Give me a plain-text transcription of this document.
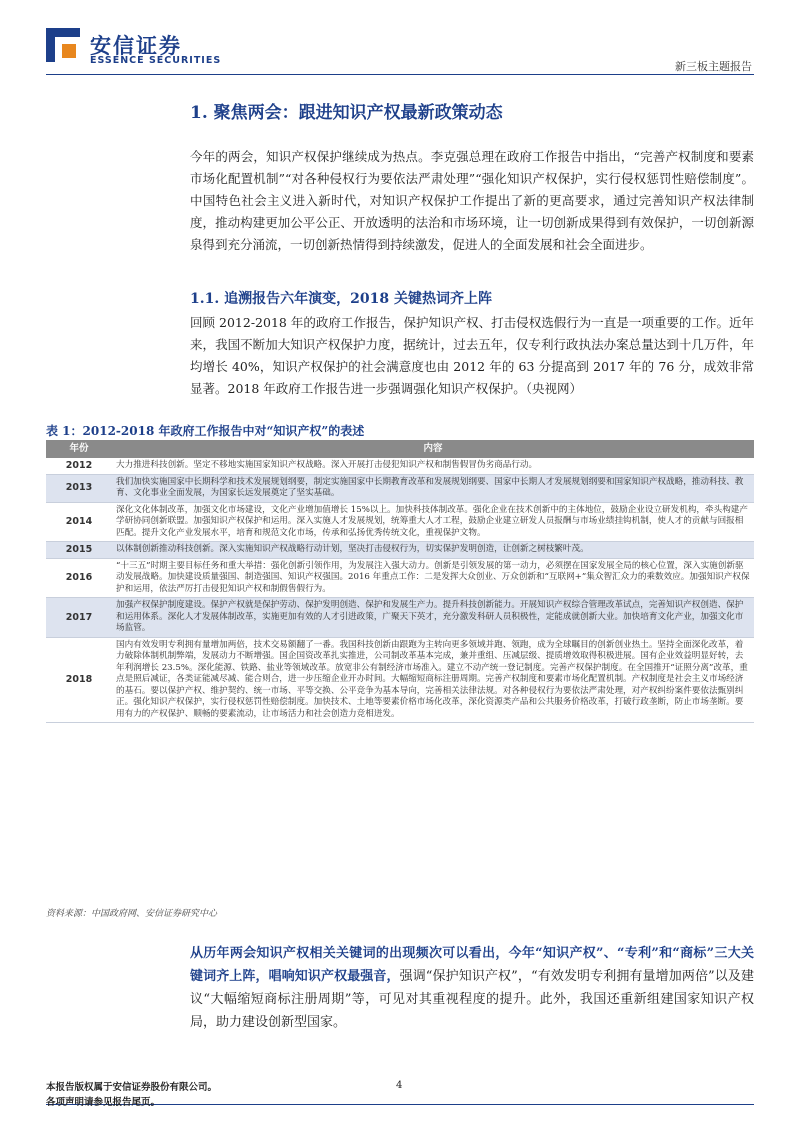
安信证券
ESSENCE SECURITIES	新三板主题报告
1. 聚焦两会：跟进知识产权最新政策动态
今年的两会，知识产权保护继续成为热点。李克强总理在政府工作报告中指出，“完善产权制度和要素市场化配置机制”“对各种侵权行为要依法严肃处理”“强化知识产权保护，实行侵权惩罚性赔偿制度”。中国特色社会主义进入新时代，对知识产权保护工作提出了新的更高要求，通过完善知识产权法律制度，推动构建更加公平公正、开放透明的法治和市场环境，让一切创新成果得到有效保护，一切创新源泉得到充分涌流，一切创新热情得到持续激发，促进人的全面发展和社会全面进步。
1.1. 追溯报告六年演变，2018 关键热词齐上阵
回顾 2012-2018 年的政府工作报告，保护知识产权、打击侵权选假行为一直是一项重要的工作。近年来，我国不断加大知识产权保护力度，据统计，过去五年，仅专利行政执法办案总量达到十几万件，年均增长 40%，知识产权保护的社会满意度也由 2012 年的 63 分提高到 2017 年的 76 分，成效非常显著。2018 年政府工作报告进一步强调强化知识产权保护。（央视网）
表 1：2012-2018 年政府工作报告中对“知识产权”的表述
年份	内容
2012	大力推进科技创新。坚定不移地实施国家知识产权战略。深入开展打击侵犯知识产权和制售假冒伪劣商品行动。
2013	我们加快实施国家中长期科学和技术发展规划纲要，制定实施国家中长期教育改革和发展规划纲要、国家中长期人才发展规划纲要和国家知识产权战略，推动科技、教育、文化事业全面发展，为国家长远发展奠定了坚实基础。
2014	深化文化体制改革，加强文化市场建设，文化产业增加值增长 15%以上。加快科技体制改革。强化企业在技术创新中的主体地位，鼓励企业设立研发机构，牵头构建产学研协同创新联盟。加强知识产权保护和运用。深入实施人才发展规划，统筹重大人才工程，鼓励企业建立研发人员报酬与市场业绩挂钩机制，使人才的贡献与回报相匹配。提升文化产业发展水平，培育和规范文化市场，传承和弘扬优秀传统文化，重视保护文物。
2015	以体制创新推动科技创新。深入实施知识产权战略行动计划，坚决打击侵权行为，切实保护发明创造，让创新之树枝繁叶茂。
2016	“十三五”时期主要目标任务和重大举措：强化创新引领作用，为发展注入强大动力。创新是引领发展的第一动力，必须摆在国家发展全局的核心位置，深入实施创新驱动发展战略。加快建设质量强国、制造强国、知识产权强国。2016 年重点工作：二是发挥大众创业、万众创新和“互联网+”集众智汇众力的乘数效应。加强知识产权保护和运用，依法严厉打击侵犯知识产权和制假售假行为。
2017	加强产权保护制度建设。保护产权就是保护劳动、保护发明创造、保护和发展生产力。提升科技创新能力。开展知识产权综合管理改革试点，完善知识产权创造、保护和运用体系。深化人才发展体制改革，实施更加有效的人才引进政策，广聚天下英才，充分激发科研人员积极性，定能成就创新大业。加快培育文化产业，加强文化市场监管。
2018	国内有效发明专利拥有量增加两倍，技术交易额翻了一番。我国科技创新由跟跑为主转向更多领域并跑、领跑，成为全球瞩目的创新创业热土。坚持全面深化改革，着力破除体制机制弊端，发展动力不断增强。国企国资改革扎实推进，公司制改革基本完成，兼并重组、压减层级、提质增效取得积极进展。国有企业效益明显好转，去年利润增长 23.5%。深化能源、铁路、盐业等领域改革。放宽非公有制经济市场准入。建立不动产统一登记制度。完善产权保护制度。在全国推开“证照分离”改革，重点是照后减证，各类证能减尽减、能合则合，进一步压缩企业开办时间。大幅缩短商标注册周期。完善产权制度和要素市场化配置机制。产权制度是社会主义市场经济的基石。要以保护产权、维护契约、统一市场、平等交换、公平竞争为基本导向，完善相关法律法规。对各种侵权行为要依法严肃处理，对产权纠纷案件要依法甄别纠正。强化知识产权保护，实行侵权惩罚性赔偿制度。加快技术、土地等要素价格市场化改革，深化资源类产品和公共服务价格改革，打破行政垄断，防止市场垄断。要用有力的产权保护、顺畅的要素流动，让市场活力和社会创造力竞相迸发。
资料来源：中国政府网、安信证券研究中心
从历年两会知识产权相关关键词的出现频次可以看出，今年“知识产权”、“专利”和“商标”三大关键词齐上阵，唱响知识产权最强音，强调“保护知识产权”，“有效发明专利拥有量增加两倍”以及建议“大幅缩短商标注册周期”等，可见对其重视程度的提升。此外，我国还重新组建国家知识产权局，助力建设创新型国家。
本报告版权属于安信证券股份有限公司。
各项声明请参见报告尾页。
4
